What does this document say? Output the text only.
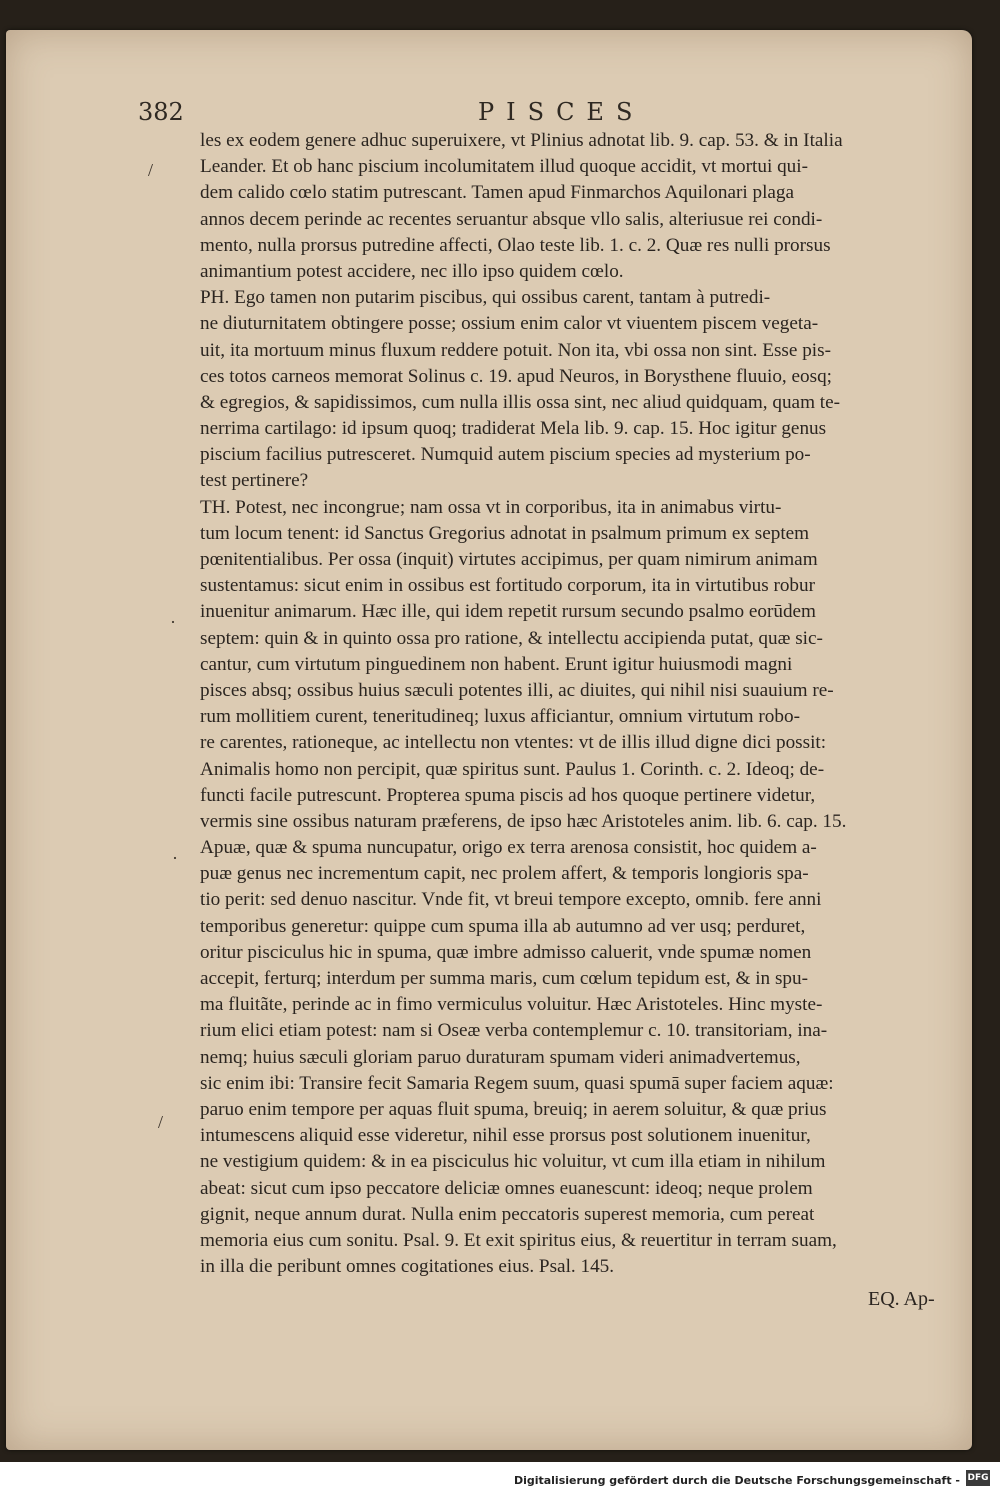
382	PISCES
les ex eodem genere adhuc superuixere, vt Plinius adnotat lib. 9. cap. 53. & in Italia
Leander. Et ob hanc piscium incolumitatem illud quoque accidit, vt mortui qui-
dem calido cœlo statim putrescant. Tamen apud Finmarchos Aquilonari plaga
annos decem perinde ac recentes seruantur absque vllo salis, alteriusue rei condi-
mento, nulla prorsus putredine affecti, Olao teste lib. 1. c. 2. Quæ res nulli prorsus
animantium potest accidere, nec illo ipso quidem cœlo.
PH. Ego tamen non putarim piscibus, qui ossibus carent, tantam à putredi-
ne diuturnitatem obtingere posse; ossium enim calor vt viuentem piscem vegeta-
uit, ita mortuum minus fluxum reddere potuit. Non ita, vbi ossa non sint. Esse pis-
ces totos carneos memorat Solinus c. 19. apud Neuros, in Borysthene fluuio, eosq;
& egregios, & sapidissimos, cum nulla illis ossa sint, nec aliud quidquam, quam te-
nerrima cartilago: id ipsum quoq; tradiderat Mela lib. 9. cap. 15. Hoc igitur genus
piscium facilius putresceret. Numquid autem piscium species ad mysterium po-
test pertinere?
TH. Potest, nec incongrue; nam ossa vt in corporibus, ita in animabus virtu-
tum locum tenent: id Sanctus Gregorius adnotat in psalmum primum ex septem
pœnitentialibus. Per ossa (inquit) virtutes accipimus, per quam nimirum animam
sustentamus: sicut enim in ossibus est fortitudo corporum, ita in virtutibus robur
inuenitur animarum. Hæc ille, qui idem repetit rursum secundo psalmo eorūdem
septem: quin & in quinto ossa pro ratione, & intellectu accipienda putat, quæ sic-
cantur, cum virtutum pinguedinem non habent. Erunt igitur huiusmodi magni
pisces absq; ossibus huius sæculi potentes illi, ac diuites, qui nihil nisi suauium re-
rum mollitiem curent, teneritudineq; luxus afficiantur, omnium virtutum robo-
re carentes, rationeque, ac intellectu non vtentes: vt de illis illud digne dici possit:
Animalis homo non percipit, quæ spiritus sunt. Paulus 1. Corinth. c. 2. Ideoq; de-
functi facile putrescunt. Propterea spuma piscis ad hos quoque pertinere videtur,
vermis sine ossibus naturam præferens, de ipso hæc Aristoteles anim. lib. 6. cap. 15.
Apuæ, quæ & spuma nuncupatur, origo ex terra arenosa consistit, hoc quidem a-
puæ genus nec incrementum capit, nec prolem affert, & temporis longioris spa-
tio perit: sed denuo nascitur. Vnde fit, vt breui tempore excepto, omnib. fere anni
temporibus generetur: quippe cum spuma illa ab autumno ad ver usq; perduret,
oritur pisciculus hic in spuma, quæ imbre admisso caluerit, vnde spumæ nomen
accepit, ferturq; interdum per summa maris, cum cœlum tepidum est, & in spu-
ma fluitãte, perinde ac in fimo vermiculus voluitur. Hæc Aristoteles. Hinc myste-
rium elici etiam potest: nam si Oseæ verba contemplemur c. 10. transitoriam, ina-
nemq; huius sæculi gloriam paruo duraturam spumam videri animadvertemus,
sic enim ibi: Transire fecit Samaria Regem suum, quasi spumā super faciem aquæ:
paruo enim tempore per aquas fluit spuma, breuiq; in aerem soluitur, & quæ prius
intumescens aliquid esse videretur, nihil esse prorsus post solutionem inuenitur,
ne vestigium quidem: & in ea pisciculus hic voluitur, vt cum illa etiam in nihilum
abeat: sicut cum ipso peccatore deliciæ omnes euanescunt: ideoq; neque prolem
gignit, neque annum durat. Nulla enim peccatoris superest memoria, cum pereat
memoria eius cum sonitu. Psal. 9. Et exit spiritus eius, & reuertitur in terram suam,
in illa die peribunt omnes cogitationes eius. Psal. 145.
/
·
·
/
EQ. Ap-
Digitalisierung gefördert durch die Deutsche Forschungsgemeinschaft - DFG
